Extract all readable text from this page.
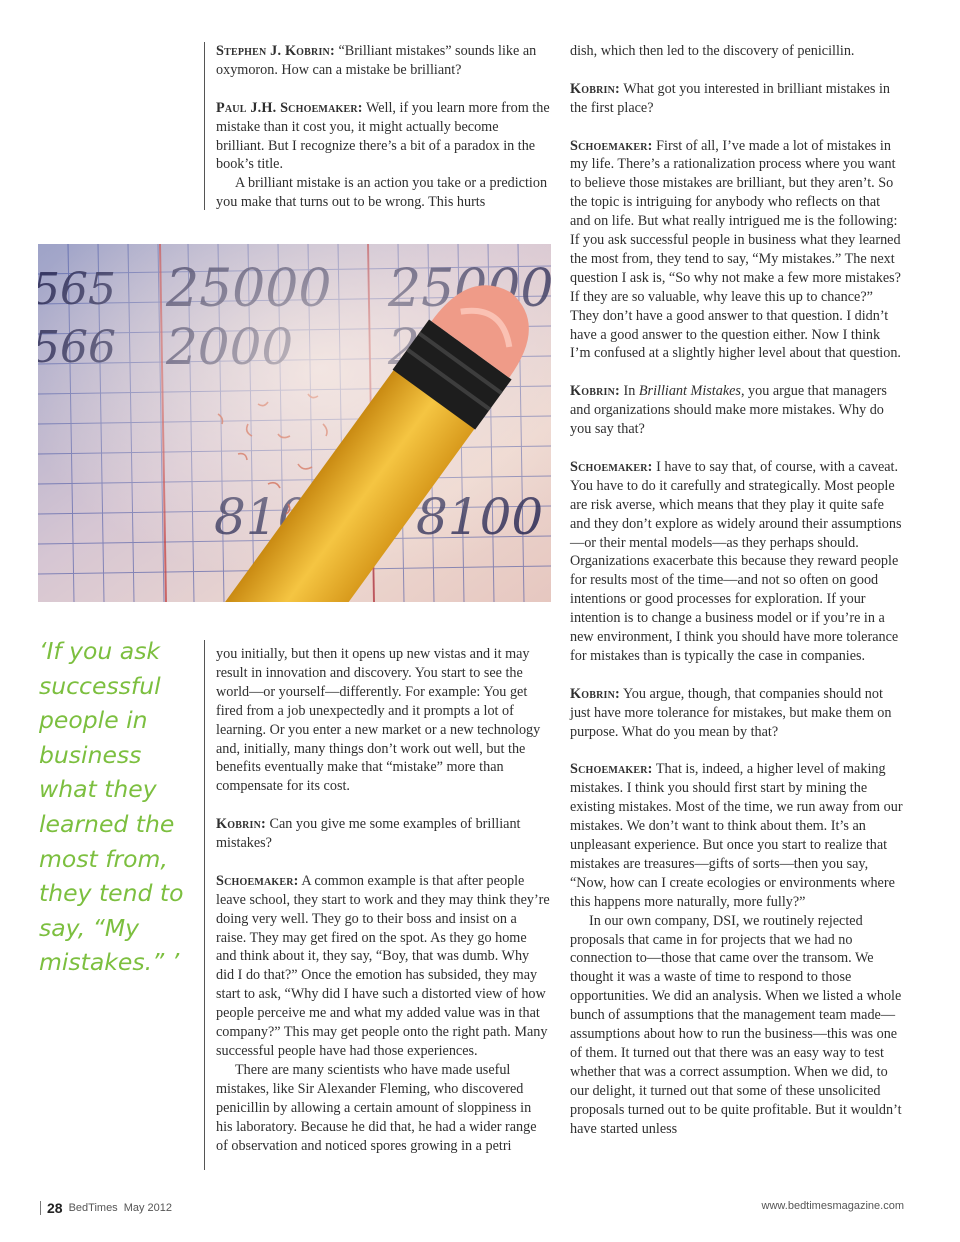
Stephen J. Kobrin: “Brilliant mistakes” sounds like an oxymoron. How can a mistake be brilliant?

Paul J.H. Schoemaker: Well, if you learn more from the mistake than it cost you, it might actually become brilliant. But I recognize there’s a bit of a paradox in the book’s title.

A brilliant mistake is an action you take or a prediction you make that turns out to be wrong. This hurts

‘If you ask successful people in business what they learned the most from, they tend to say, “My mistakes.” ’

you initially, but then it opens up new vistas and it may result in innovation and discovery. You start to see the world—or yourself—differently. For example: You get fired from a job unexpectedly and it prompts a lot of learning. Or you enter a new market or a new technology and, initially, many things don’t work out well, but the benefits eventually make that “mistake” more than compensate for its cost.

Kobrin: Can you give me some examples of brilliant mistakes?

Schoemaker: A common example is that after people leave school, they start to work and they may think they’re doing very well. They go to their boss and insist on a raise. They may get fired on the spot. As they go home and think about it, they say, “Boy, that was dumb. Why did I do that?” Once the emotion has subsided, they may start to ask, “Why did I have such a distorted view of how people perceive me and what my added value was in that company?” This may get people onto the right path. Many successful people have had those experiences.

There are many scientists who have made useful mistakes, like Sir Alexander Fleming, who discovered penicillin by allowing a certain amount of sloppiness in his laboratory. Because he did that, he had a wider range of observation and noticed spores growing in a petri

dish, which then led to the discovery of penicillin.

Kobrin: What got you interested in brilliant mistakes in the first place?

Schoemaker: First of all, I’ve made a lot of mistakes in my life. There’s a rationalization process where you want to believe those mistakes are brilliant, but they aren’t. So the topic is intriguing for anybody who reflects on that and on life. But what really intrigued me is the following: If you ask successful people in business what they learned the most from, they tend to say, “My mistakes.” The next question I ask is, “So why not make a few more mistakes? If they are so valuable, why leave this up to chance?” They don’t have a good answer to that question. I didn’t have a good answer to the question either. Now I think I’m confused at a slightly higher level about that question.

Kobrin: In Brilliant Mistakes, you argue that managers and organizations should make more mistakes. Why do you say that?

Schoemaker: I have to say that, of course, with a caveat. You have to do it carefully and strategically. Most people are risk averse, which means that they play it quite safe and they don’t explore as widely around their assumptions—or their mental models—as they perhaps should. Organizations exacerbate this because they reward people for results most of the time—and not so often on good intentions or good processes for exploration. If your intention is to change a business model or if you’re in a new environment, I think you should have more tolerance for mistakes than is typically the case in companies.

Kobrin: You argue, though, that companies should not just have more tolerance for mistakes, but make them on purpose. What do you mean by that?

Schoemaker: That is, indeed, a higher level of making mistakes. I think you should first start by mining the existing mistakes. Most of the time, we run away from our mistakes. We don’t want to think about them. It’s an unpleasant experience. But once you start to realize that mistakes are treasures—gifts of sorts—then you say, “Now, how can I create ecologies or environments where this happens more naturally, more fully?”

In our own company, DSI, we routinely rejected proposals that came in for projects that we had no connection to—those that came over the transom. We thought it was a waste of time to respond to those opportunities. We did an analysis. When we listed a whole bunch of assumptions that the management team made—assumptions about how to run the business—this was one of them. It turned out that there was an easy way to test whether that was a correct assumption. When we did, to our delight, it turned out that some of these unsolicited proposals turned out to be quite profitable. But it wouldn’t have started unless

28 BedTimes May 2012	www.bedtimesmagazine.com
